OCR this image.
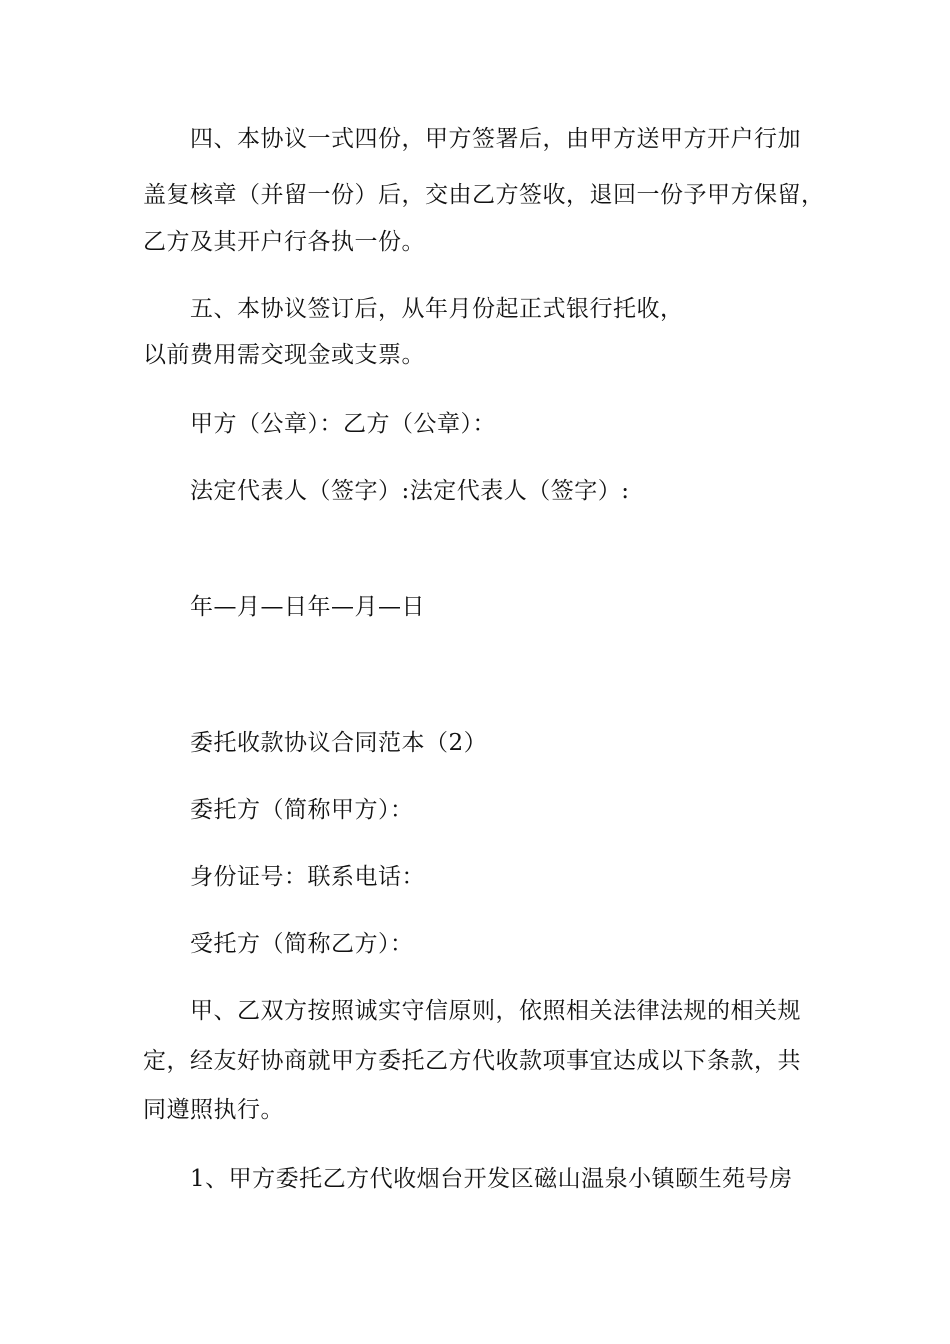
四、本协议一式四份，甲方签署后，由甲方送甲方开户行加
盖复核章（并留一份）后，交由乙方签收，退回一份予甲方保留，
乙方及其开户行各执一份。
五、本协议签订后，从年月份起正式银行托收，
以前费用需交现金或支票。
甲方（公章）：乙方（公章）：
法定代表人（签字）:法定代表人（签字）:
年—月—日年—月—日
委托收款协议合同范本（2）
委托方（简称甲方）：
身份证号：联系电话：
受托方（简称乙方）：
甲、乙双方按照诚实守信原则，依照相关法律法规的相关规
定，经友好协商就甲方委托乙方代收款项事宜达成以下条款，共
同遵照执行。
1、甲方委托乙方代收烟台开发区磁山温泉小镇颐生苑号房
